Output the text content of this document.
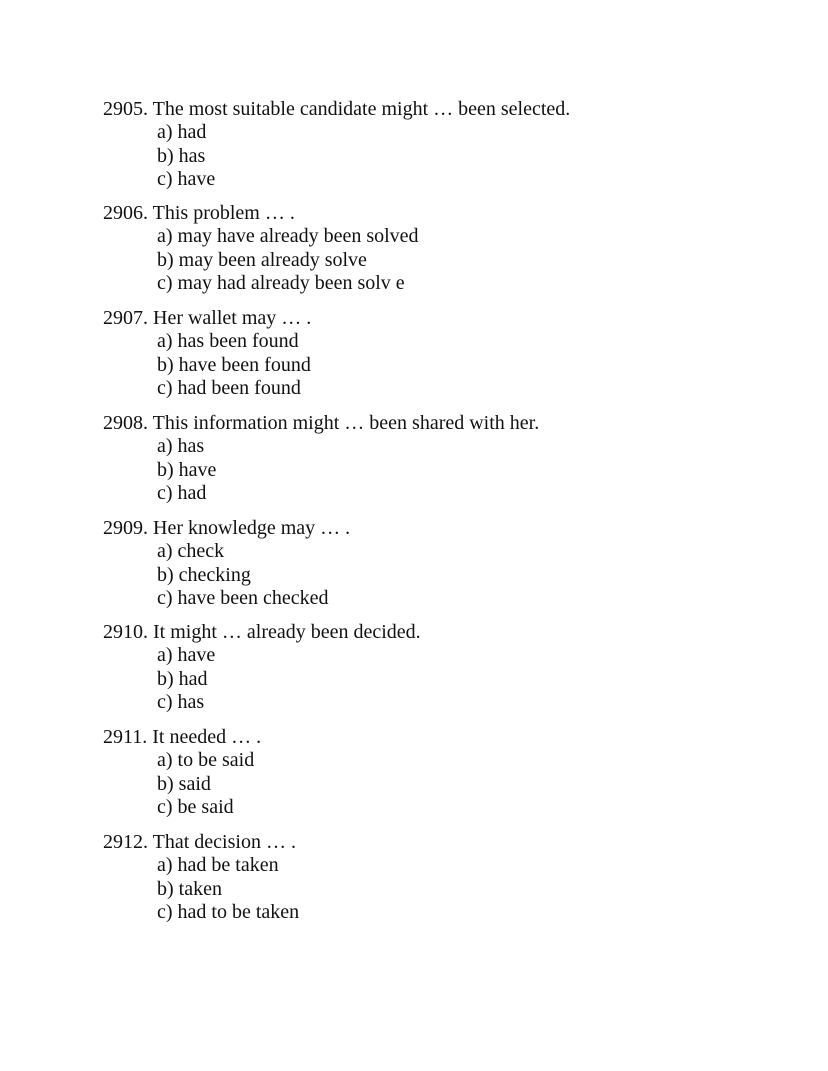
2905. The most suitable candidate might … been selected.

a) had
b) has
c) have

2906. This problem … .

a) may have already been solved
b) may been already solve
c) may had already been solv e

2907. Her wallet may … .

a) has been found
b) have been found
c) had been found

2908. This information might … been shared with her.

a) has
b) have
c) had

2909. Her knowledge may … .

a) check
b) checking
c) have been checked

2910. It might … already been decided.

a) have
b) had
c) has

2911. It needed … .

a) to be said
b) said
c) be said

2912. That decision … .

a) had be taken
b) taken
c) had to be taken
